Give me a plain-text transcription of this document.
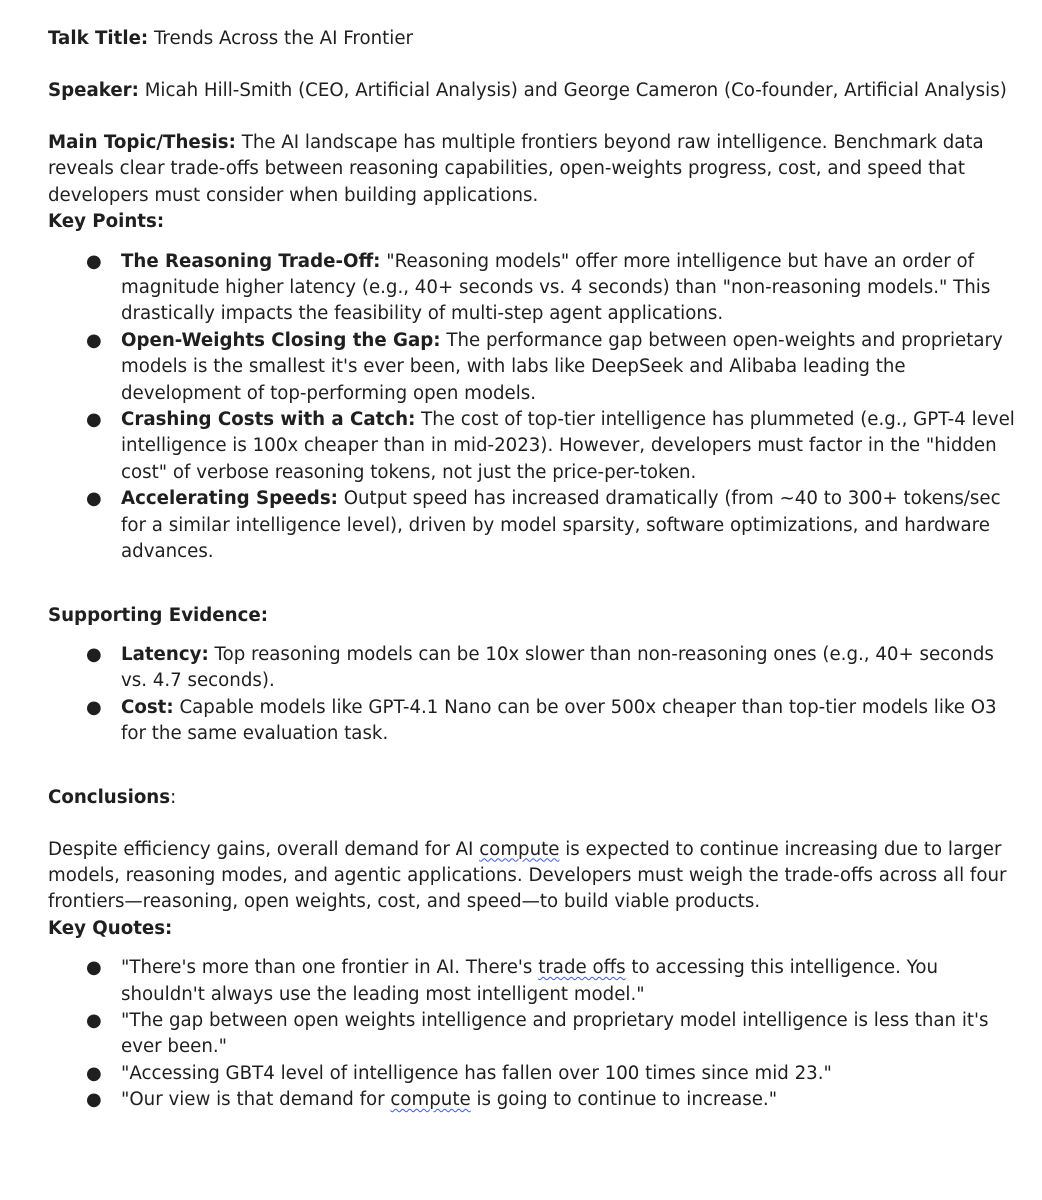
Talk Title: Trends Across the AI Frontier

Speaker: Micah Hill-Smith (CEO, Artificial Analysis) and George Cameron (Co-founder, Artificial Analysis)

Main Topic/Thesis: The AI landscape has multiple frontiers beyond raw intelligence. Benchmark data reveals clear trade-offs between reasoning capabilities, open-weights progress, cost, and speed that developers must consider when building applications.

Key Points:

● The Reasoning Trade-Off: "Reasoning models" offer more intelligence but have an order of magnitude higher latency (e.g., 40+ seconds vs. 4 seconds) than "non-reasoning models." This drastically impacts the feasibility of multi-step agent applications.
● Open-Weights Closing the Gap: The performance gap between open-weights and proprietary models is the smallest it's ever been, with labs like DeepSeek and Alibaba leading the development of top-performing open models.
● Crashing Costs with a Catch: The cost of top-tier intelligence has plummeted (e.g., GPT-4 level intelligence is 100x cheaper than in mid-2023). However, developers must factor in the "hidden cost" of verbose reasoning tokens, not just the price-per-token.
● Accelerating Speeds: Output speed has increased dramatically (from ~40 to 300+ tokens/sec for a similar intelligence level), driven by model sparsity, software optimizations, and hardware advances.

Supporting Evidence:

● Latency: Top reasoning models can be 10x slower than non-reasoning ones (e.g., 40+ seconds vs. 4.7 seconds).
● Cost: Capable models like GPT-4.1 Nano can be over 500x cheaper than top-tier models like O3 for the same evaluation task.

Conclusions:

Despite efficiency gains, overall demand for AI compute is expected to continue increasing due to larger models, reasoning modes, and agentic applications. Developers must weigh the trade-offs across all four frontiers—reasoning, open weights, cost, and speed—to build viable products.

Key Quotes:

● "There's more than one frontier in AI. There's trade offs to accessing this intelligence. You shouldn't always use the leading most intelligent model."
● "The gap between open weights intelligence and proprietary model intelligence is less than it's ever been."
● "Accessing GBT4 level of intelligence has fallen over 100 times since mid 23."
● "Our view is that demand for compute is going to continue to increase."
